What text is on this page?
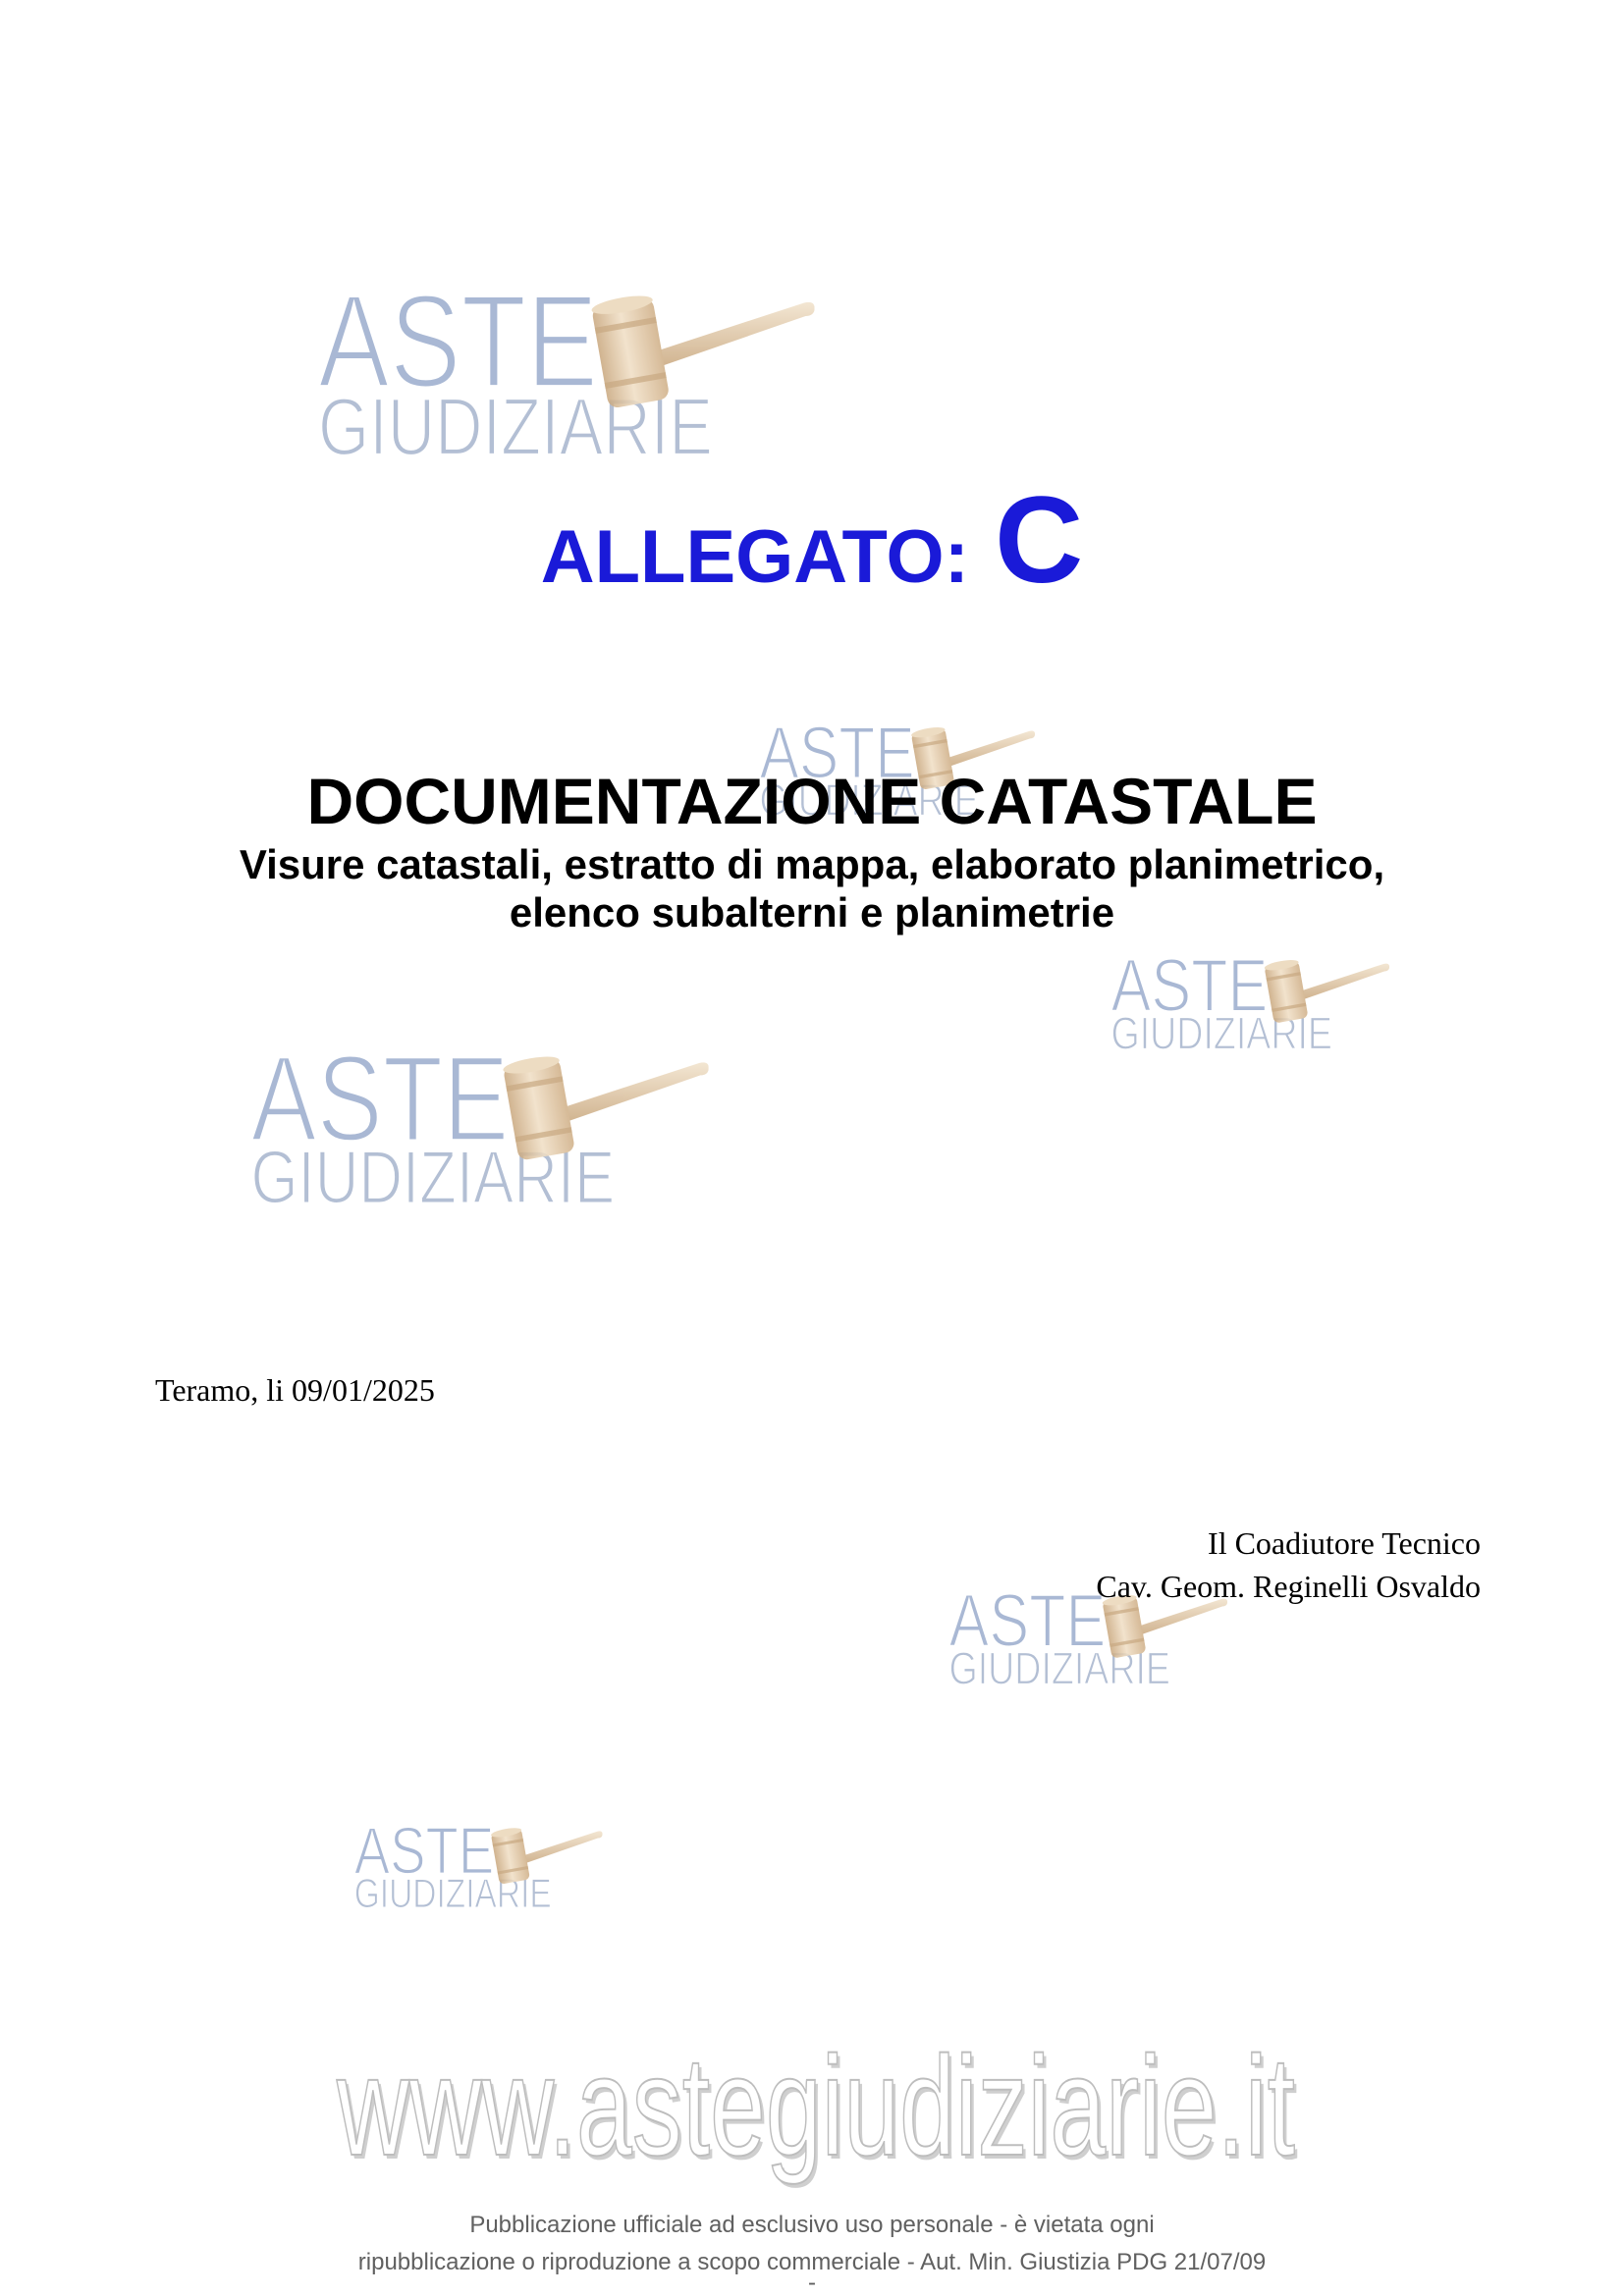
ALLEGATO: C
DOCUMENTAZIONE CATASTALE
Visure catastali, estratto di mappa, elaborato planimetrico,
elenco subalterni e planimetrie
Teramo, li 09/01/2025
Il Coadiutore Tecnico
Cav. Geom. Reginelli Osvaldo
www.astegiudiziarie.it
www.astegiudiziarie.it
Pubblicazione ufficiale ad esclusivo uso personale - è vietata ogni
ripubblicazione o riproduzione a scopo commerciale - Aut. Min. Giustizia PDG 21/07/09
-
